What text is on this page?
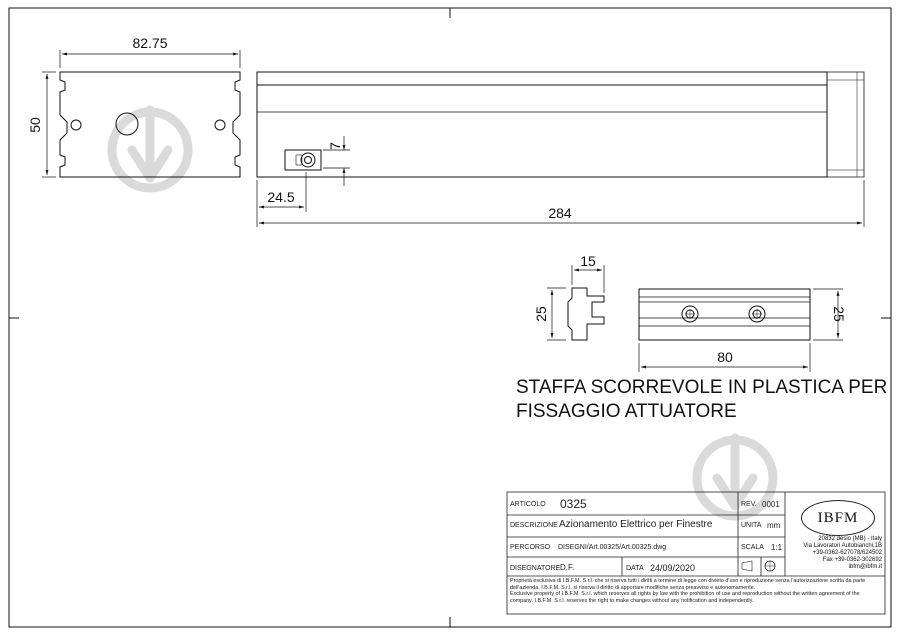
82.75
50
7
24.5
284
15
25	25
80
STAFFA SCORREVOLE IN PLASTICA PER
FISSAGGIO ATTUATORE
ARTICOLO 0325	REV. 0001
DESCRIZIONE Azionamento Elettrico per Finestre	UNITA mm
PERCORSO DISEGNI/Art.00325/Art.00325.dwg	SCALA 1:1
DISEGNATORE D.F.	DATA 24/09/2020
IBFM
20832 desio (MB) - Italy
Via Lavoratori Autobianchi,1B
+39-0362-627078/624502
Fax +39-0362-302692
ibfm@ibfm.it
Proprietà esclusiva di I.B.F.M. S.r.l. che si riserva tutti i diritti a termine di legge con divieto d'uso e riproduzione senza l'autorizzazione scritta da parte dell'azienda. I.B.F.M. S.r.l. si riserva il diritto di apportare modifiche senza preavviso e autonomamente.
Exclusive property of I.B.F.M. S.r.l. which reserves all rights by law with the prohibition of use and reproduction without the written agreement of the company. I.B.F.M. S.r.l. reserves the right to make changes without any notification and independently.
